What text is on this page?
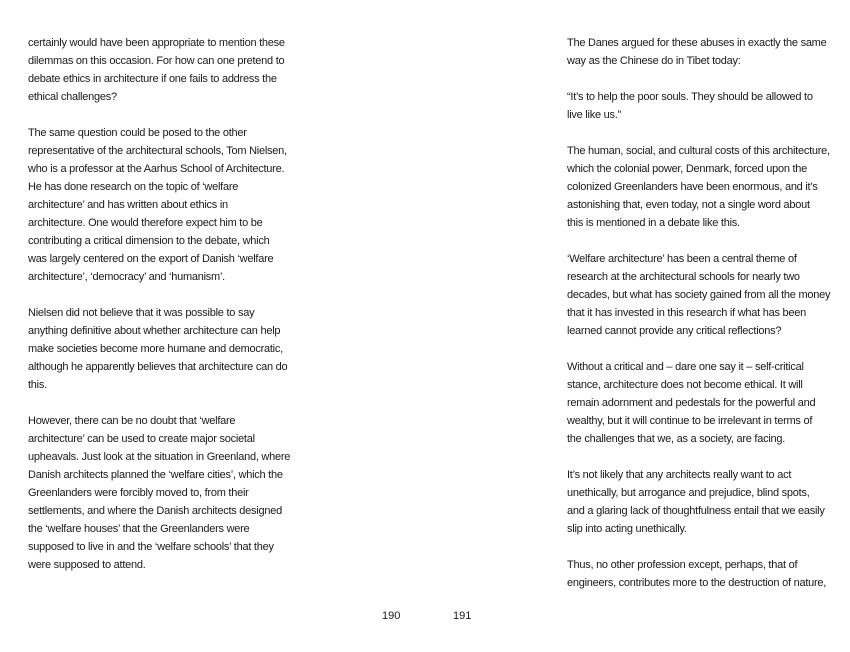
certainly would have been appropriate to mention these
dilemmas on this occasion. For how can one pretend to
debate ethics in architecture if one fails to address the
ethical challenges?
The same question could be posed to the other
representative of the architectural schools, Tom Nielsen,
who is a professor at the Aarhus School of Architecture.
He has done research on the topic of ‘welfare
architecture’ and has written about ethics in
architecture. One would therefore expect him to be
contributing a critical dimension to the debate, which
was largely centered on the export of Danish ‘welfare
architecture’, ‘democracy’ and ‘humanism’.
Nielsen did not believe that it was possible to say
anything definitive about whether architecture can help
make societies become more humane and democratic,
although he apparently believes that architecture can do
this.
However, there can be no doubt that ‘welfare
architecture’ can be used to create major societal
upheavals. Just look at the situation in Greenland, where
Danish architects planned the ‘welfare cities’, which the
Greenlanders were forcibly moved to, from their
settlements, and where the Danish architects designed
the ‘welfare houses’ that the Greenlanders were
supposed to live in and the ‘welfare schools’ that they
were supposed to attend.
The Danes argued for these abuses in exactly the same
way as the Chinese do in Tibet today:
“It’s to help the poor souls. They should be allowed to
live like us.”
The human, social, and cultural costs of this architecture,
which the colonial power, Denmark, forced upon the
colonized Greenlanders have been enormous, and it’s
astonishing that, even today, not a single word about
this is mentioned in a debate like this.
‘Welfare architecture’ has been a central theme of
research at the architectural schools for nearly two
decades, but what has society gained from all the money
that it has invested in this research if what has been
learned cannot provide any critical reflections?
Without a critical and – dare one say it – self-critical
stance, architecture does not become ethical. It will
remain adornment and pedestals for the powerful and
wealthy, but it will continue to be irrelevant in terms of
the challenges that we, as a society, are facing.
It’s not likely that any architects really want to act
unethically, but arrogance and prejudice, blind spots,
and a glaring lack of thoughtfulness entail that we easily
slip into acting unethically.
Thus, no other profession except, perhaps, that of
engineers, contributes more to the destruction of nature,
190	191
